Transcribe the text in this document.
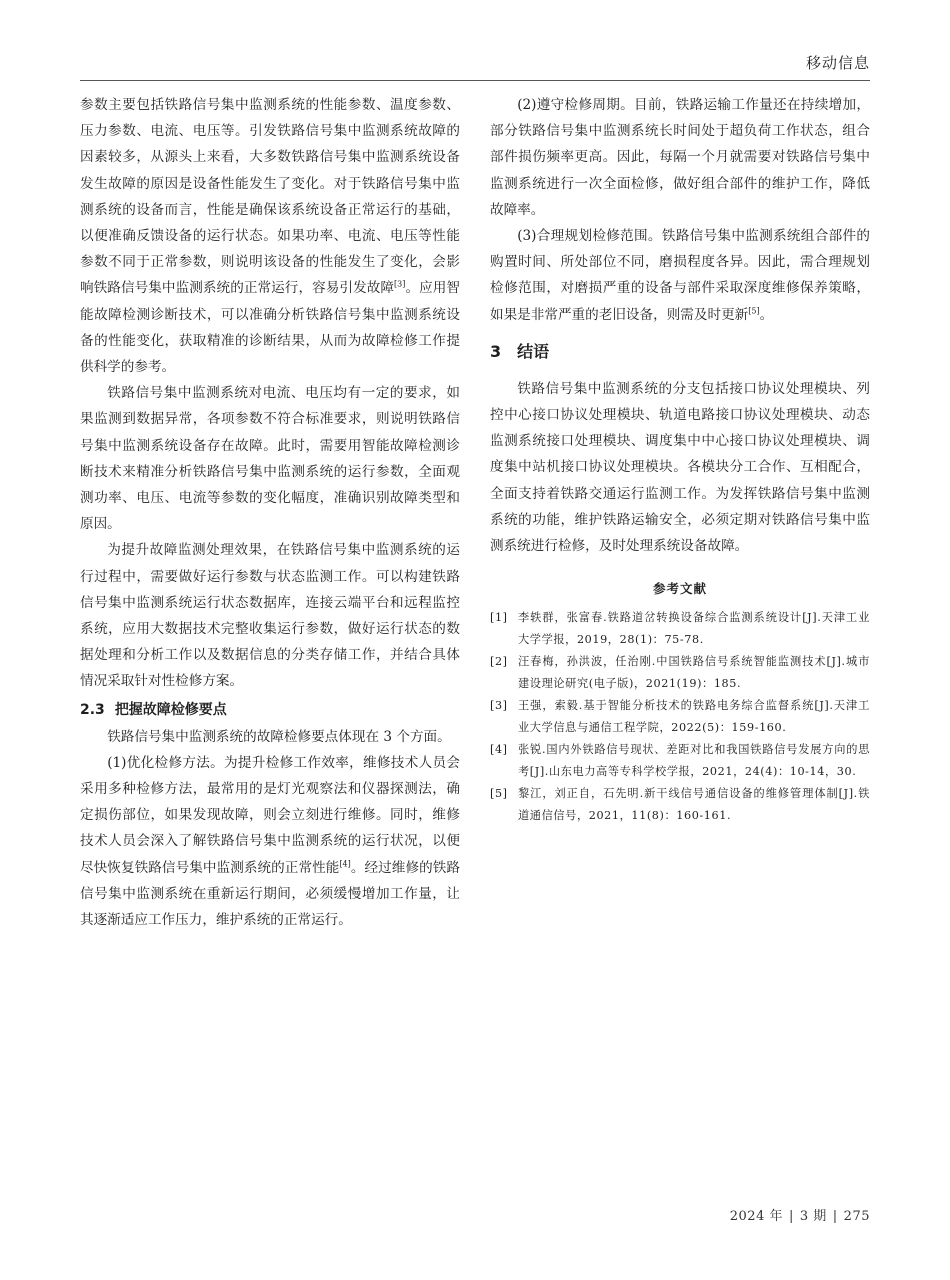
移动信息

参数主要包括铁路信号集中监测系统的性能参数、温度参数、压力参数、电流、电压等。引发铁路信号集中监测系统故障的因素较多，从源头上来看，大多数铁路信号集中监测系统设备发生故障的原因是设备性能发生了变化。对于铁路信号集中监测系统的设备而言，性能是确保该系统设备正常运行的基础，以便准确反馈设备的运行状态。如果功率、电流、电压等性能参数不同于正常参数，则说明该设备的性能发生了变化，会影响铁路信号集中监测系统的正常运行，容易引发故障[3]。应用智能故障检测诊断技术，可以准确分析铁路信号集中监测系统设备的性能变化，获取精准的诊断结果，从而为故障检修工作提供科学的参考。

铁路信号集中监测系统对电流、电压均有一定的要求，如果监测到数据异常，各项参数不符合标准要求，则说明铁路信号集中监测系统设备存在故障。此时，需要用智能故障检测诊断技术来精准分析铁路信号集中监测系统的运行参数，全面观测功率、电压、电流等参数的变化幅度，准确识别故障类型和原因。

为提升故障监测处理效果，在铁路信号集中监测系统的运行过程中，需要做好运行参数与状态监测工作。可以构建铁路信号集中监测系统运行状态数据库，连接云端平台和远程监控系统，应用大数据技术完整收集运行参数，做好运行状态的数据处理和分析工作以及数据信息的分类存储工作，并结合具体情况采取针对性检修方案。

2.3 把握故障检修要点

铁路信号集中监测系统的故障检修要点体现在 3 个方面。

(1)优化检修方法。为提升检修工作效率，维修技术人员会采用多种检修方法，最常用的是灯光观察法和仪器探测法，确定损伤部位，如果发现故障，则会立刻进行维修。同时，维修技术人员会深入了解铁路信号集中监测系统的运行状况，以便尽快恢复铁路信号集中监测系统的正常性能[4]。经过维修的铁路信号集中监测系统在重新运行期间，必须缓慢增加工作量，让其逐渐适应工作压力，维护系统的正常运行。

(2)遵守检修周期。目前，铁路运输工作量还在持续增加，部分铁路信号集中监测系统长时间处于超负荷工作状态，组合部件损伤频率更高。因此，每隔一个月就需要对铁路信号集中监测系统进行一次全面检修，做好组合部件的维护工作，降低故障率。

(3)合理规划检修范围。铁路信号集中监测系统组合部件的购置时间、所处部位不同，磨损程度各异。因此，需合理规划检修范围，对磨损严重的设备与部件采取深度维修保养策略，如果是非常严重的老旧设备，则需及时更新[5]。

3 结语

铁路信号集中监测系统的分支包括接口协议处理模块、列控中心接口协议处理模块、轨道电路接口协议处理模块、动态监测系统接口处理模块、调度集中中心接口协议处理模块、调度集中站机接口协议处理模块。各模块分工合作、互相配合，全面支持着铁路交通运行监测工作。为发挥铁路信号集中监测系统的功能，维护铁路运输安全，必须定期对铁路信号集中监测系统进行检修，及时处理系统设备故障。

参考文献
[1] 李轶群，张富春.铁路道岔转换设备综合监测系统设计[J].天津工业大学学报，2019，28(1)：75-78.
[2] 汪春梅，孙洪波，任治刚.中国铁路信号系统智能监测技术[J].城市建设理论研究(电子版)，2021(19)：185.
[3] 王强，索毅.基于智能分析技术的铁路电务综合监督系统[J].天津工业大学信息与通信工程学院，2022(5)：159-160.
[4] 张锐.国内外铁路信号现状、差距对比和我国铁路信号发展方向的思考[J].山东电力高等专科学校学报，2021，24(4)：10-14，30.
[5] 黎江，刘正自，石先明.新干线信号通信设备的维修管理体制[J].铁道通信信号，2021，11(8)：160-161.
2024 年 | 3 期 | 275
